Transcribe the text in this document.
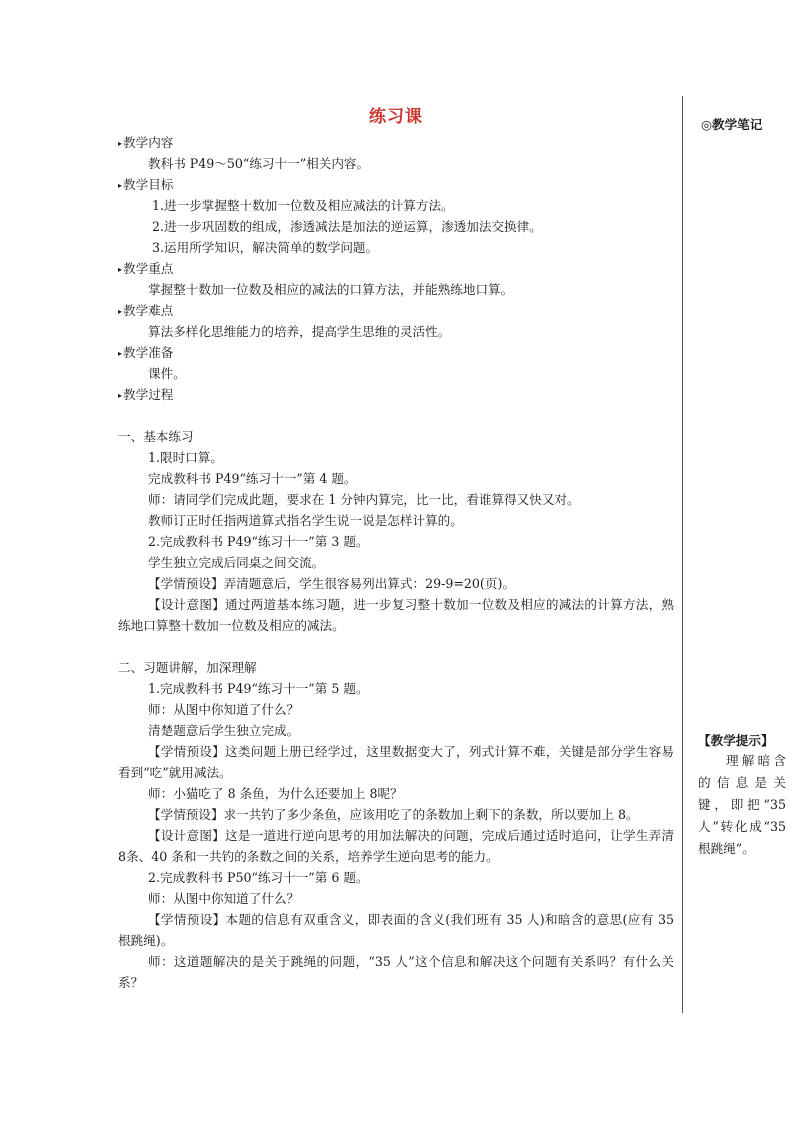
练习课
▸教学内容
教科书 P49～50“练习十一”相关内容。
▸教学目标
1.进一步掌握整十数加一位数及相应减法的计算方法。
2.进一步巩固数的组成，渗透减法是加法的逆运算，渗透加法交换律。
3.运用所学知识，解决简单的数学问题。
▸教学重点
掌握整十数加一位数及相应的减法的口算方法，并能熟练地口算。
▸教学难点
算法多样化思维能力的培养，提高学生思维的灵活性。
▸教学准备
课件。
▸教学过程
一、基本练习
1.限时口算。
完成教科书 P49“练习十一”第 4 题。
师：请同学们完成此题，要求在 1 分钟内算完，比一比，看谁算得又快又对。
教师订正时任指两道算式指名学生说一说是怎样计算的。
2.完成教科书 P49“练习十一”第 3 题。
学生独立完成后同桌之间交流。
【学情预设】弄清题意后，学生很容易列出算式：29-9=20(页)。
【设计意图】通过两道基本练习题，进一步复习整十数加一位数及相应的减法的计算方法，熟练地口算整十数加一位数及相应的减法。
二、习题讲解，加深理解
1.完成教科书 P49“练习十一”第 5 题。
师：从图中你知道了什么？
清楚题意后学生独立完成。
【学情预设】这类问题上册已经学过，这里数据变大了，列式计算不难，关键是部分学生容易看到“吃”就用减法。
师：小猫吃了 8 条鱼，为什么还要加上 8呢？
【学情预设】求一共钓了多少条鱼，应该用吃了的条数加上剩下的条数，所以要加上 8。
【设计意图】这是一道进行逆向思考的用加法解决的问题，完成后通过适时追问，让学生弄清 8条、40 条和一共钓的条数之间的关系，培养学生逆向思考的能力。
2.完成教科书 P50“练习十一”第 6 题。
师：从图中你知道了什么？
【学情预设】本题的信息有双重含义，即表面的含义(我们班有 35 人)和暗含的意思(应有 35 根跳绳)。
师：这道题解决的是关于跳绳的问题，“35 人”这个信息和解决这个问题有关系吗？有什么关系？
◎教学笔记
【教学提示】
理解暗含的信息是关键，即把“35人”转化成“35根跳绳”。
